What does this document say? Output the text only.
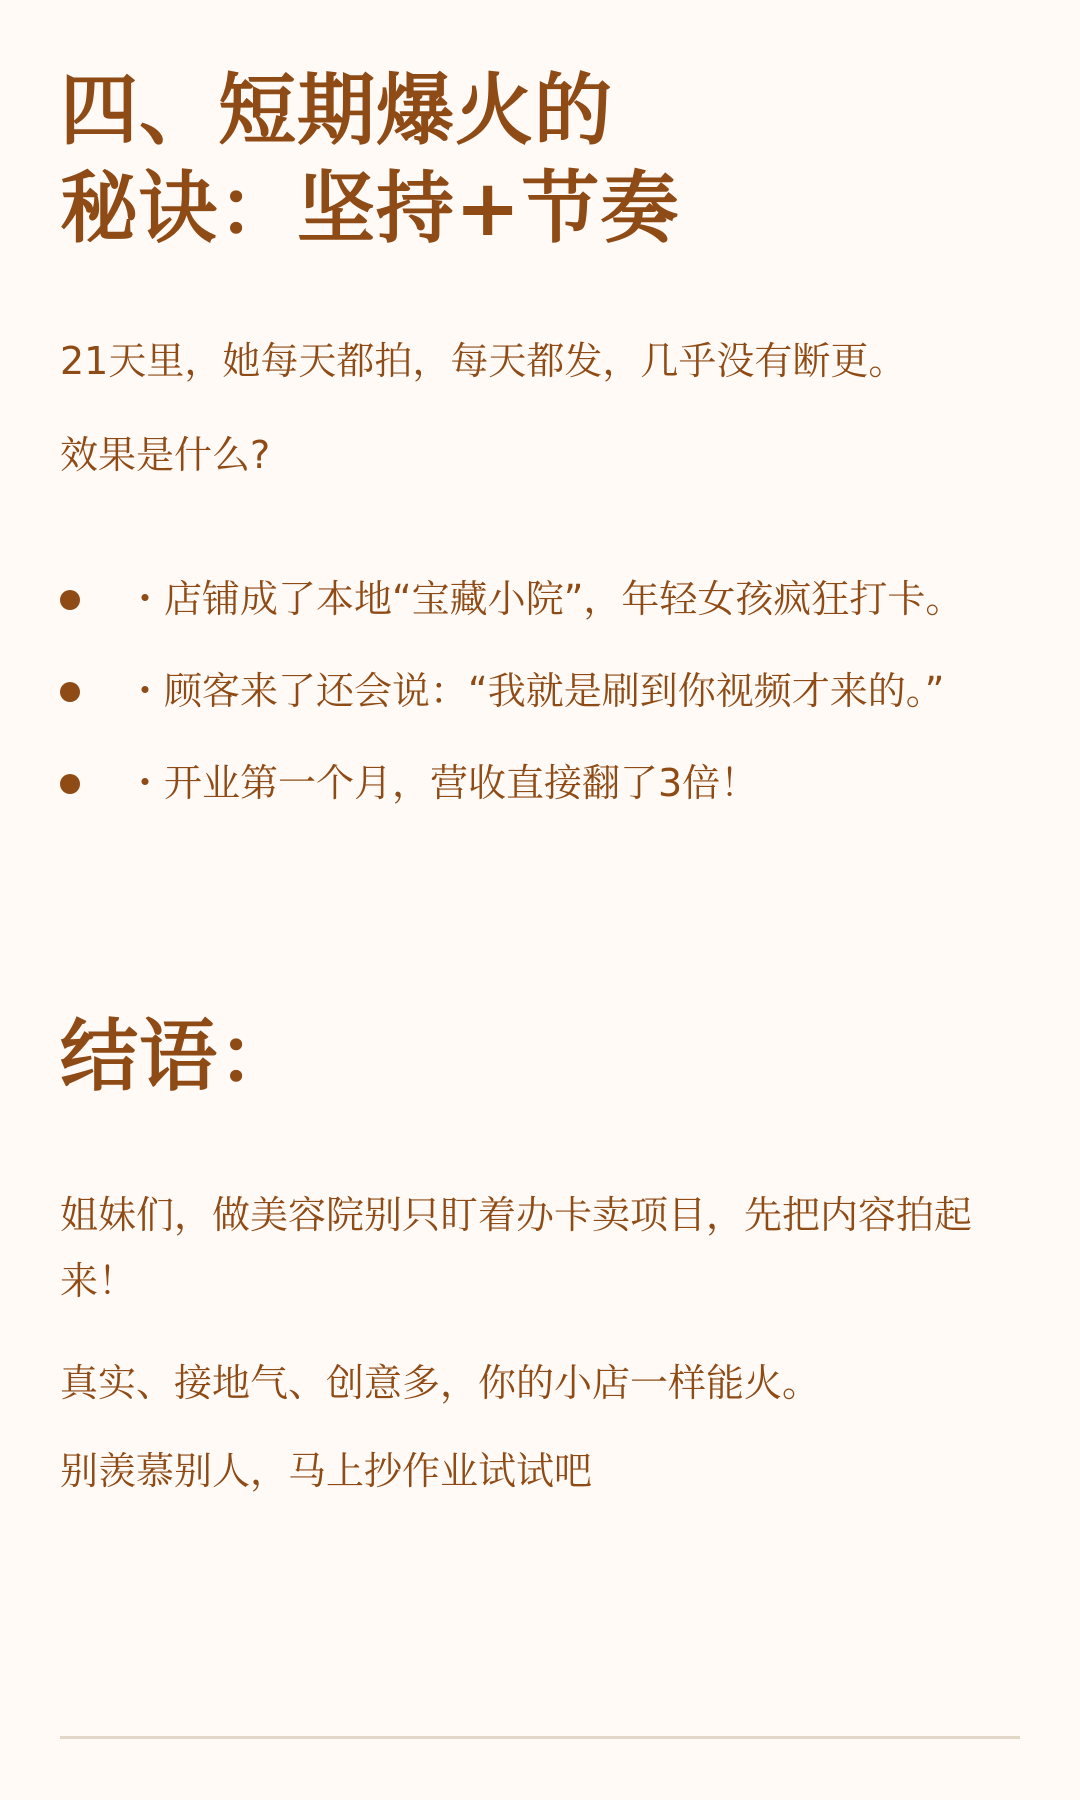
四、短期爆火的
秘诀：坚持+节奏

21天里，她每天都拍，每天都发，几乎没有断更。

效果是什么?

・店铺成了本地“宝藏小院”，年轻女孩疯狂打卡。
・顾客来了还会说：“我就是刷到你视频才来的。”
・开业第一个月，营收直接翻了3倍！
结语：

姐妹们，做美容院别只盯着办卡卖项目，先把内容拍起来！

真实、接地气、创意多，你的小店一样能火。

别羡慕别人，马上抄作业试试吧
